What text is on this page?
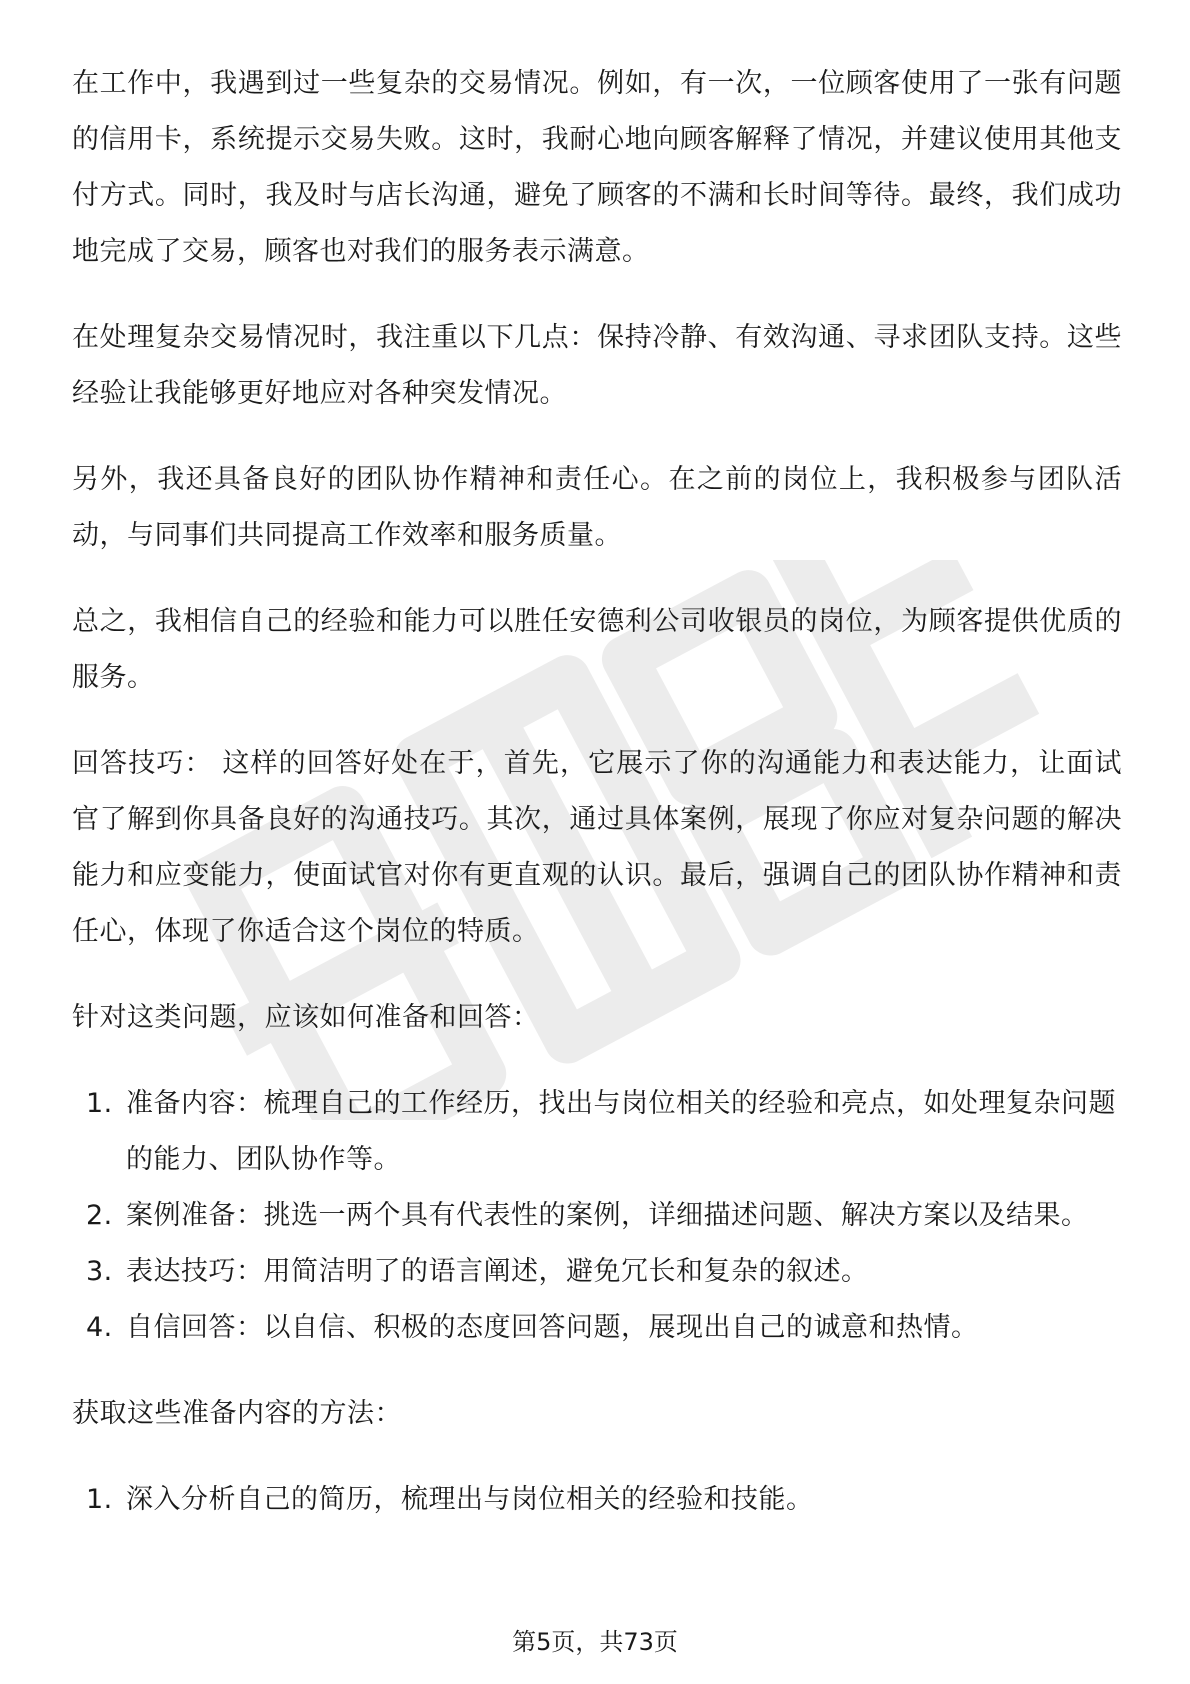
在工作中，我遇到过一些复杂的交易情况。例如，有一次，一位顾客使用了一张有问题的信用卡，系统提示交易失败。这时，我耐心地向顾客解释了情况，并建议使用其他支付方式。同时，我及时与店长沟通，避免了顾客的不满和长时间等待。最终，我们成功地完成了交易，顾客也对我们的服务表示满意。

在处理复杂交易情况时，我注重以下几点：保持冷静、有效沟通、寻求团队支持。这些经验让我能够更好地应对各种突发情况。

另外，我还具备良好的团队协作精神和责任心。在之前的岗位上，我积极参与团队活动，与同事们共同提高工作效率和服务质量。

总之，我相信自己的经验和能力可以胜任安德利公司收银员的岗位，为顾客提供优质的服务。

回答技巧： 这样的回答好处在于，首先，它展示了你的沟通能力和表达能力，让面试官了解到你具备良好的沟通技巧。其次，通过具体案例，展现了你应对复杂问题的解决能力和应变能力，使面试官对你有更直观的认识。最后，强调自己的团队协作精神和责任心，体现了你适合这个岗位的特质。

针对这类问题，应该如何准备和回答：

1. 准备内容：梳理自己的工作经历，找出与岗位相关的经验和亮点，如处理复杂问题的能力、团队协作等。
2. 案例准备：挑选一两个具有代表性的案例，详细描述问题、解决方案以及结果。
3. 表达技巧：用简洁明了的语言阐述，避免冗长和复杂的叙述。
4. 自信回答：以自信、积极的态度回答问题，展现出自己的诚意和热情。

获取这些准备内容的方法：

1. 深入分析自己的简历，梳理出与岗位相关的经验和技能。
第5页，共73页
